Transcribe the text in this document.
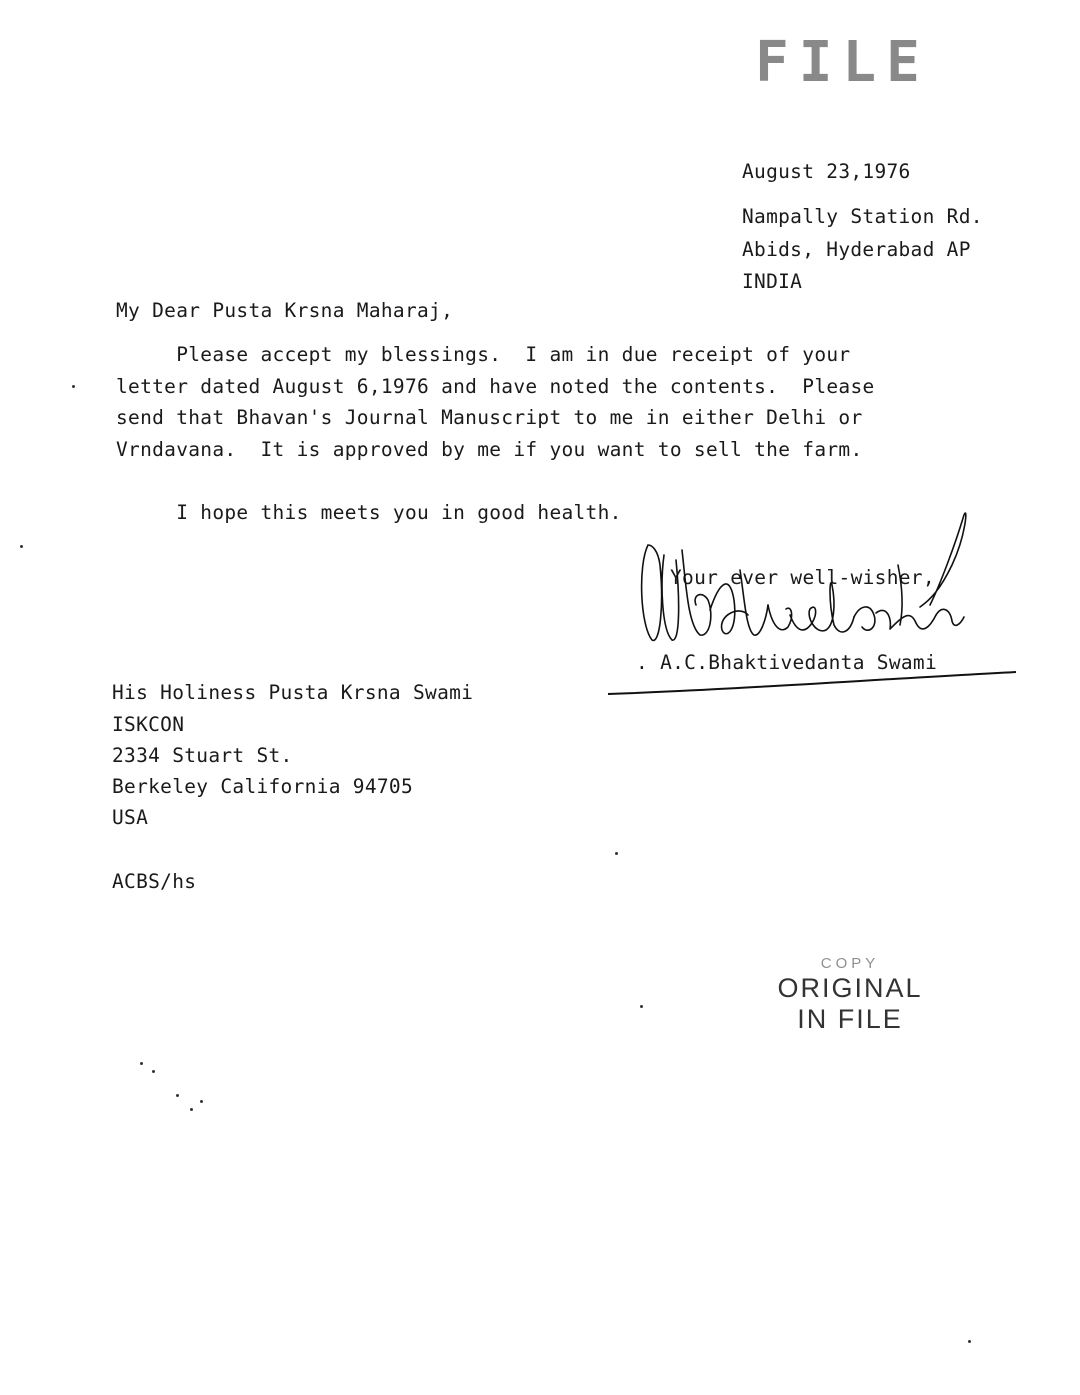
FILE
August 23,1976
Nampally Station Rd.
Abids, Hyderabad AP
INDIA
My Dear Pusta Krsna Maharaj,
Please accept my blessings.  I am in due receipt of your
letter dated August 6,1976 and have noted the contents.  Please
send that Bhavan's Journal Manuscript to me in either Delhi or
Vrndavana.  It is approved by me if you want to sell the farm.
I hope this meets you in good health.
Your ever well-wisher,
. A.C.Bhaktivedanta Swami
His Holiness Pusta Krsna Swami
ISKCON
2334 Stuart St.
Berkeley California 94705
USA
ACBS/hs
COPY
ORIGINAL
IN FILE
